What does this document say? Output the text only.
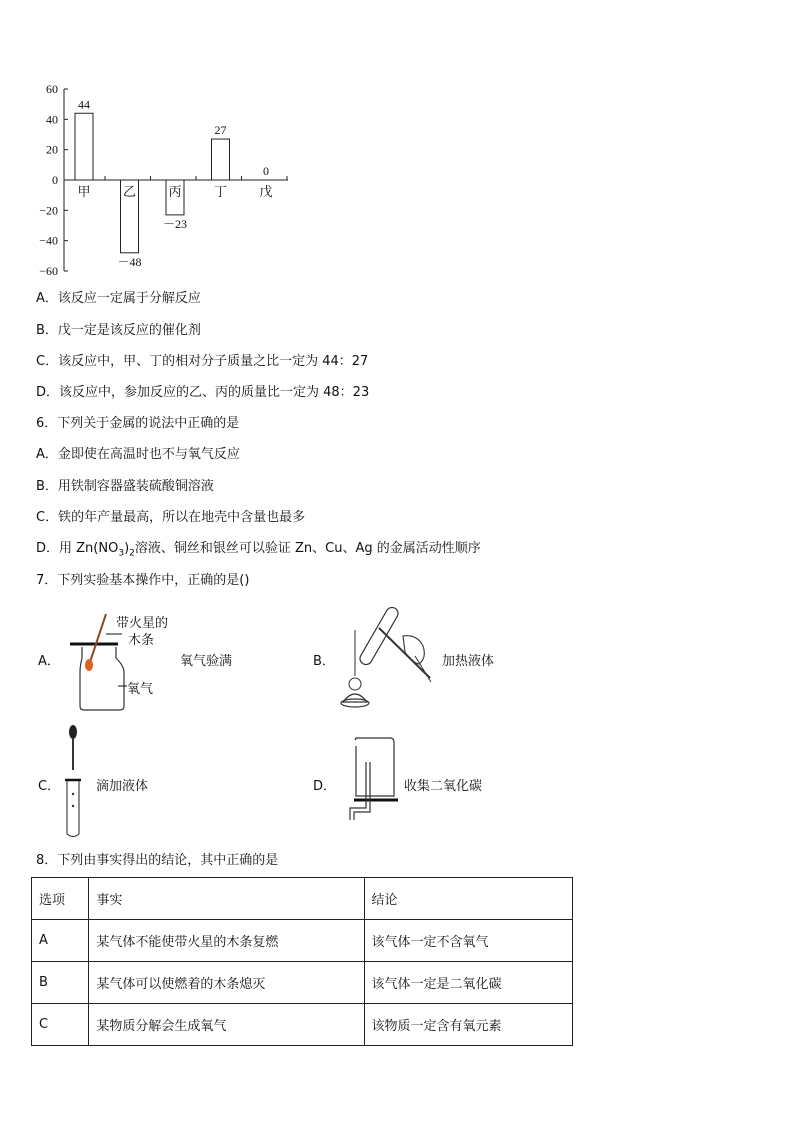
60
40
20
0
−20
−40
−60
44
甲
－48
乙
－23
丙
27
丁
0
戊
A．该反应一定属于分解反应
B．戊一定是该反应的催化剂
C．该反应中，甲、丁的相对分子质量之比一定为 44：27
D．该反应中，参加反应的乙、丙的质量比一定为 48：23
6．下列关于金属的说法中正确的是
A．金即使在高温时也不与氧气反应
B．用铁制容器盛装硫酸铜溶液
C．铁的年产量最高，所以在地壳中含量也最多
D．用 $Zn(NO_3)_2$溶液、铜丝和银丝可以验证 Zn、Cu、Ag 的金属活动性顺序
7．下列实验基本操作中，正确的是()
A．
带火星的
木条
氧气
氧气验满	B．	加热液体
C．	滴加液体	D．	收集二氧化碳
8．下列由事实得出的结论，其中正确的是
选项	事实	结论
A	某气体不能使带火星的木条复燃	该气体一定不含氧气
B	某气体可以使燃着的木条熄灭	该气体一定是二氧化碳
C	某物质分解会生成氧气	该物质一定含有氧元素
